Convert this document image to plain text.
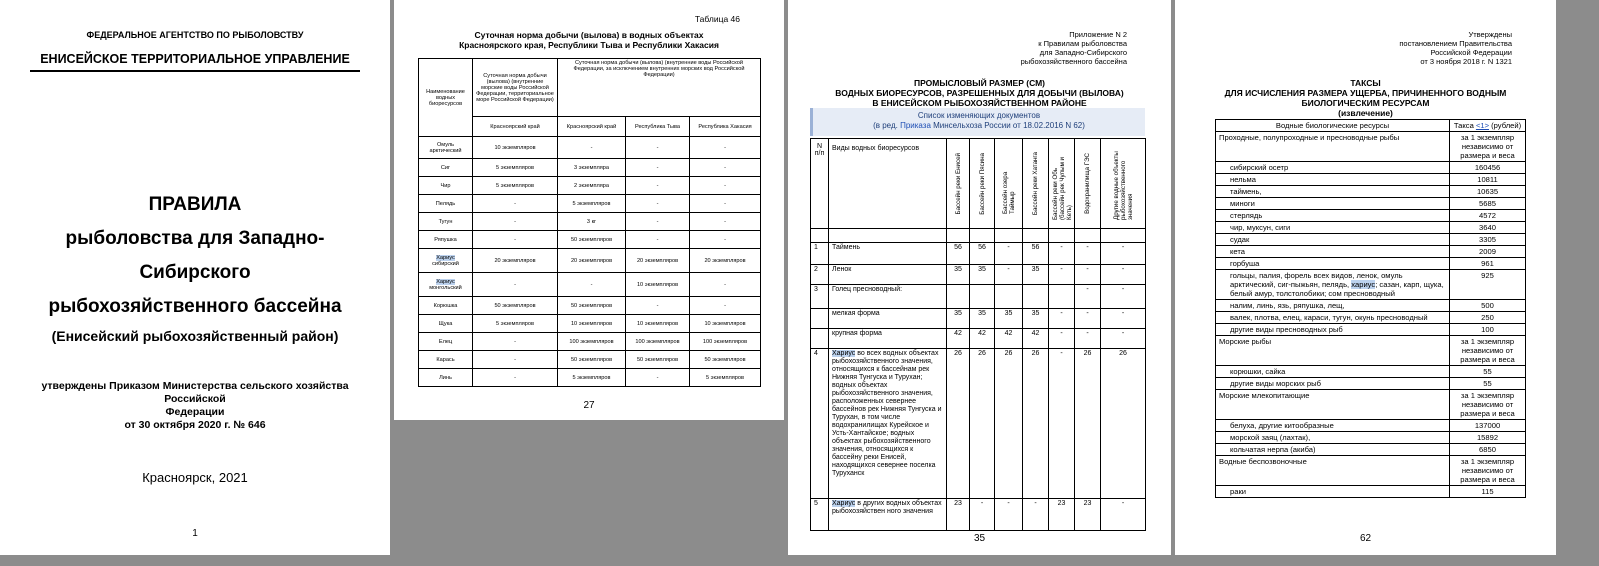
ФЕДЕРАЛЬНОЕ АГЕНТСТВО ПО РЫБОЛОВСТВУ
ЕНИСЕЙСКОЕ ТЕРРИТОРИАЛЬНОЕ УПРАВЛЕНИЕ
ПРАВИЛА
рыболовства для Западно-
Сибирского
рыбохозяйственного бассейна
(Енисейский рыбохозяйственный район)
утверждены Приказом Министерства сельского хозяйства Российской
Федерации
от 30 октября 2020 г. № 646
Красноярск, 2021
1
Таблица 46
Суточная норма добычи (вылова) в водных объектах
Красноярского края, Республики Тыва и Республики Хакасия
Наименование водных биоресурсов	Суточная норма добычи (вылова) (внутренние морские воды Российской Федерации, территориальное море Российской Федерации)	Суточная норма добычи (вылова) (внутренние воды Российской Федерации, за исключением внутренних морских вод Российской Федерации)		
	Красноярский край	Красноярский край	Республика Тыва	Республика Хакасия
Омуль арктический	10 экземпляров	-	-	-
Сиг	5 экземпляров	3 экземпляра	-	-
Чир	5 экземпляров	2 экземпляра	-	-
Пелядь	-	5 экземпляров	-	-
Тугун	-	3 кг	-	-
Ряпушка	-	50 экземпляров	-	-
Хариус сибирский	20 экземпляров	20 экземпляров	20 экземпляров	20 экземпляров
Хариус монгольский	-	-	10 экземпляров	-
Корюшка	50 экземпляров	50 экземпляров	-	-
Щука	5 экземпляров	10 экземпляров	10 экземпляров	10 экземпляров
Елец	-	100 экземпляров	100 экземпляров	100 экземпляров
Карась	-	50 экземпляров	50 экземпляров	50 экземпляров
Линь	-	5 экземпляров	-	5 экземпляров
27
Приложение N 2
к Правилам рыболовства
для Западно-Сибирского
рыбохозяйственного бассейна
ПРОМЫСЛОВЫЙ РАЗМЕР (СМ)
ВОДНЫХ БИОРЕСУРСОВ, РАЗРЕШЕННЫХ ДЛЯ ДОБЫЧИ (ВЫЛОВА)
В ЕНИСЕЙСКОМ РЫБОХОЗЯЙСТВЕННОМ РАЙОНЕ
Список изменяющих документов
(в ред. Приказа Минсельхоза России от 18.02.2016 N 62)
N п/п	Виды водных биоресурсов	Бассейн реки Енисей	Бассейн реки Пясина	Бассейн озера Таймыр	Бассейн реки Хатанга	Бассейн реки Обь (бассейн рек Чулым и Кеть)	Водохранилища ГЭС	Другие водные объекты рыбохозяйственного значения

1	Таймень	56	56	-	56	-	-	-
2	Ленок	35	35	-	35	-	-	-
3	Голец пресноводный:						-	-
	мелкая форма	35	35	35	35	-	-	-
	крупная форма	42	42	42	42	-	-	-
4	Хариус во всех водных объектах рыбохозяйственного значения, относящихся к бассейнам рек Нижняя Тунгуска и Турухан; водных объектах рыбохозяйственного значения, расположенных севернее бассейнов рек Нижняя Тунгуска и Турухан, в том числе водохранилищах Курейское и Усть-Хантайское; водных объектах рыбохозяйственного значения, относящихся к бассейну реки Енисей, находящихся севернее поселка Туруханск	26	26	26	26	-	26	26
5	Хариус в других водных объектах рыбохозяйствен ного значения	23	-	-	-	23	23	-
35
Утверждены
постановлением Правительства
Российской Федерации
от 3 ноября 2018 г. N 1321
ТАКСЫ
ДЛЯ ИСЧИСЛЕНИЯ РАЗМЕРА УЩЕРБА, ПРИЧИНЕННОГО ВОДНЫМ
БИОЛОГИЧЕСКИМ РЕСУРСАМ
(извлечение)
Водные биологические ресурсы	Такса <1> (рублей)
Проходные, полупроходные и пресноводные рыбы	за 1 экземпляр независимо от размера и веса
сибирский осетр	160456
нельма	10811
таймень,	10635
миноги	5685
стерлядь	4572
чир, муксун, сиги	3640
судак	3305
кета	2009
горбуша	961
гольцы, палия, форель всех видов, ленок, омуль арктический, сиг-пыжьян, пелядь, хариус; сазан, карп, щука, белый амур, толстолобики; сом пресноводный	925
налим, линь, язь, ряпушка, лещ,	500
валек, плотва, елец, караси, тугун, окунь пресноводный	250
другие виды пресноводных рыб	100
Морские рыбы	за 1 экземпляр независимо от размера и веса
корюшки, сайка	55
другие виды морских рыб	55
Морские млекопитающие	за 1 экземпляр независимо от размера и веса
белуха, другие китообразные	137000
морской заяц (лахтак),	15892
кольчатая нерпа (акиба)	6850
Водные беспозвоночные	за 1 экземпляр независимо от размера и веса
раки	115
62
